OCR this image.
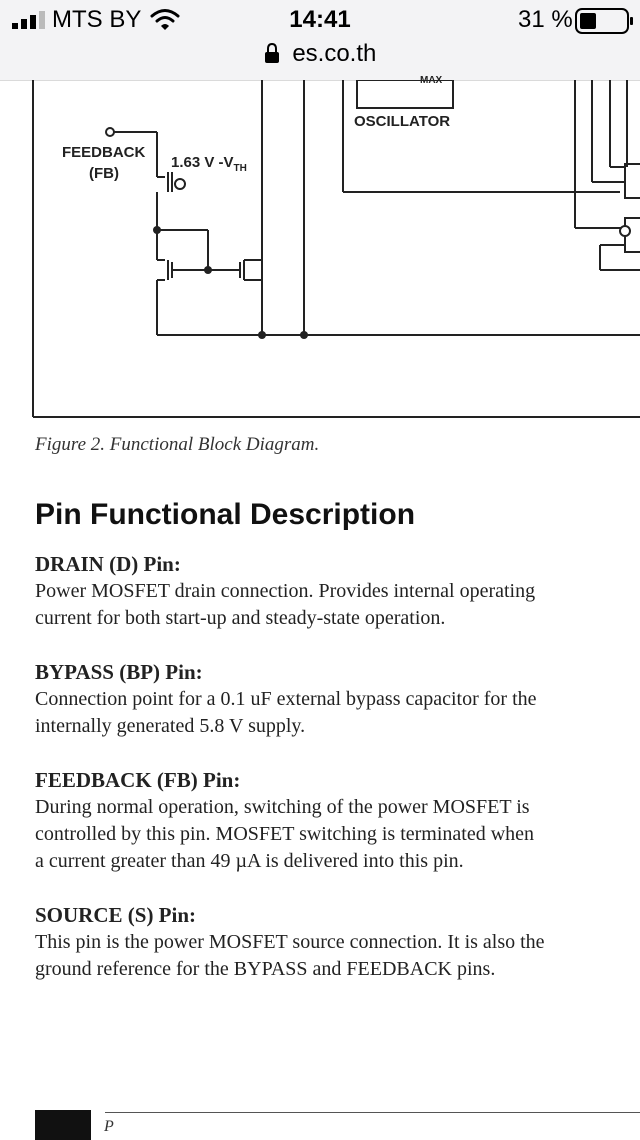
MTS BY	14:41	31 %
es.co.th
MAX
OSCILLATOR
FEEDBACK
(FB)
1.63 V $-V_{TH}$
Figure 2. Functional Block Diagram.
Pin Functional Description
DRAIN (D) Pin:
Power MOSFET drain connection. Provides internal operating
current for both start-up and steady-state operation.
BYPASS (BP) Pin:
Connection point for a 0.1 uF external bypass capacitor for the
internally generated 5.8 V supply.
FEEDBACK (FB) Pin:
During normal operation, switching of the power MOSFET is
controlled by this pin. MOSFET switching is terminated when
a current greater than 49 µA is delivered into this pin.
SOURCE (S) Pin:
This pin is the power MOSFET source connection. It is also the
ground reference for the BYPASS and FEEDBACK pins.
P
